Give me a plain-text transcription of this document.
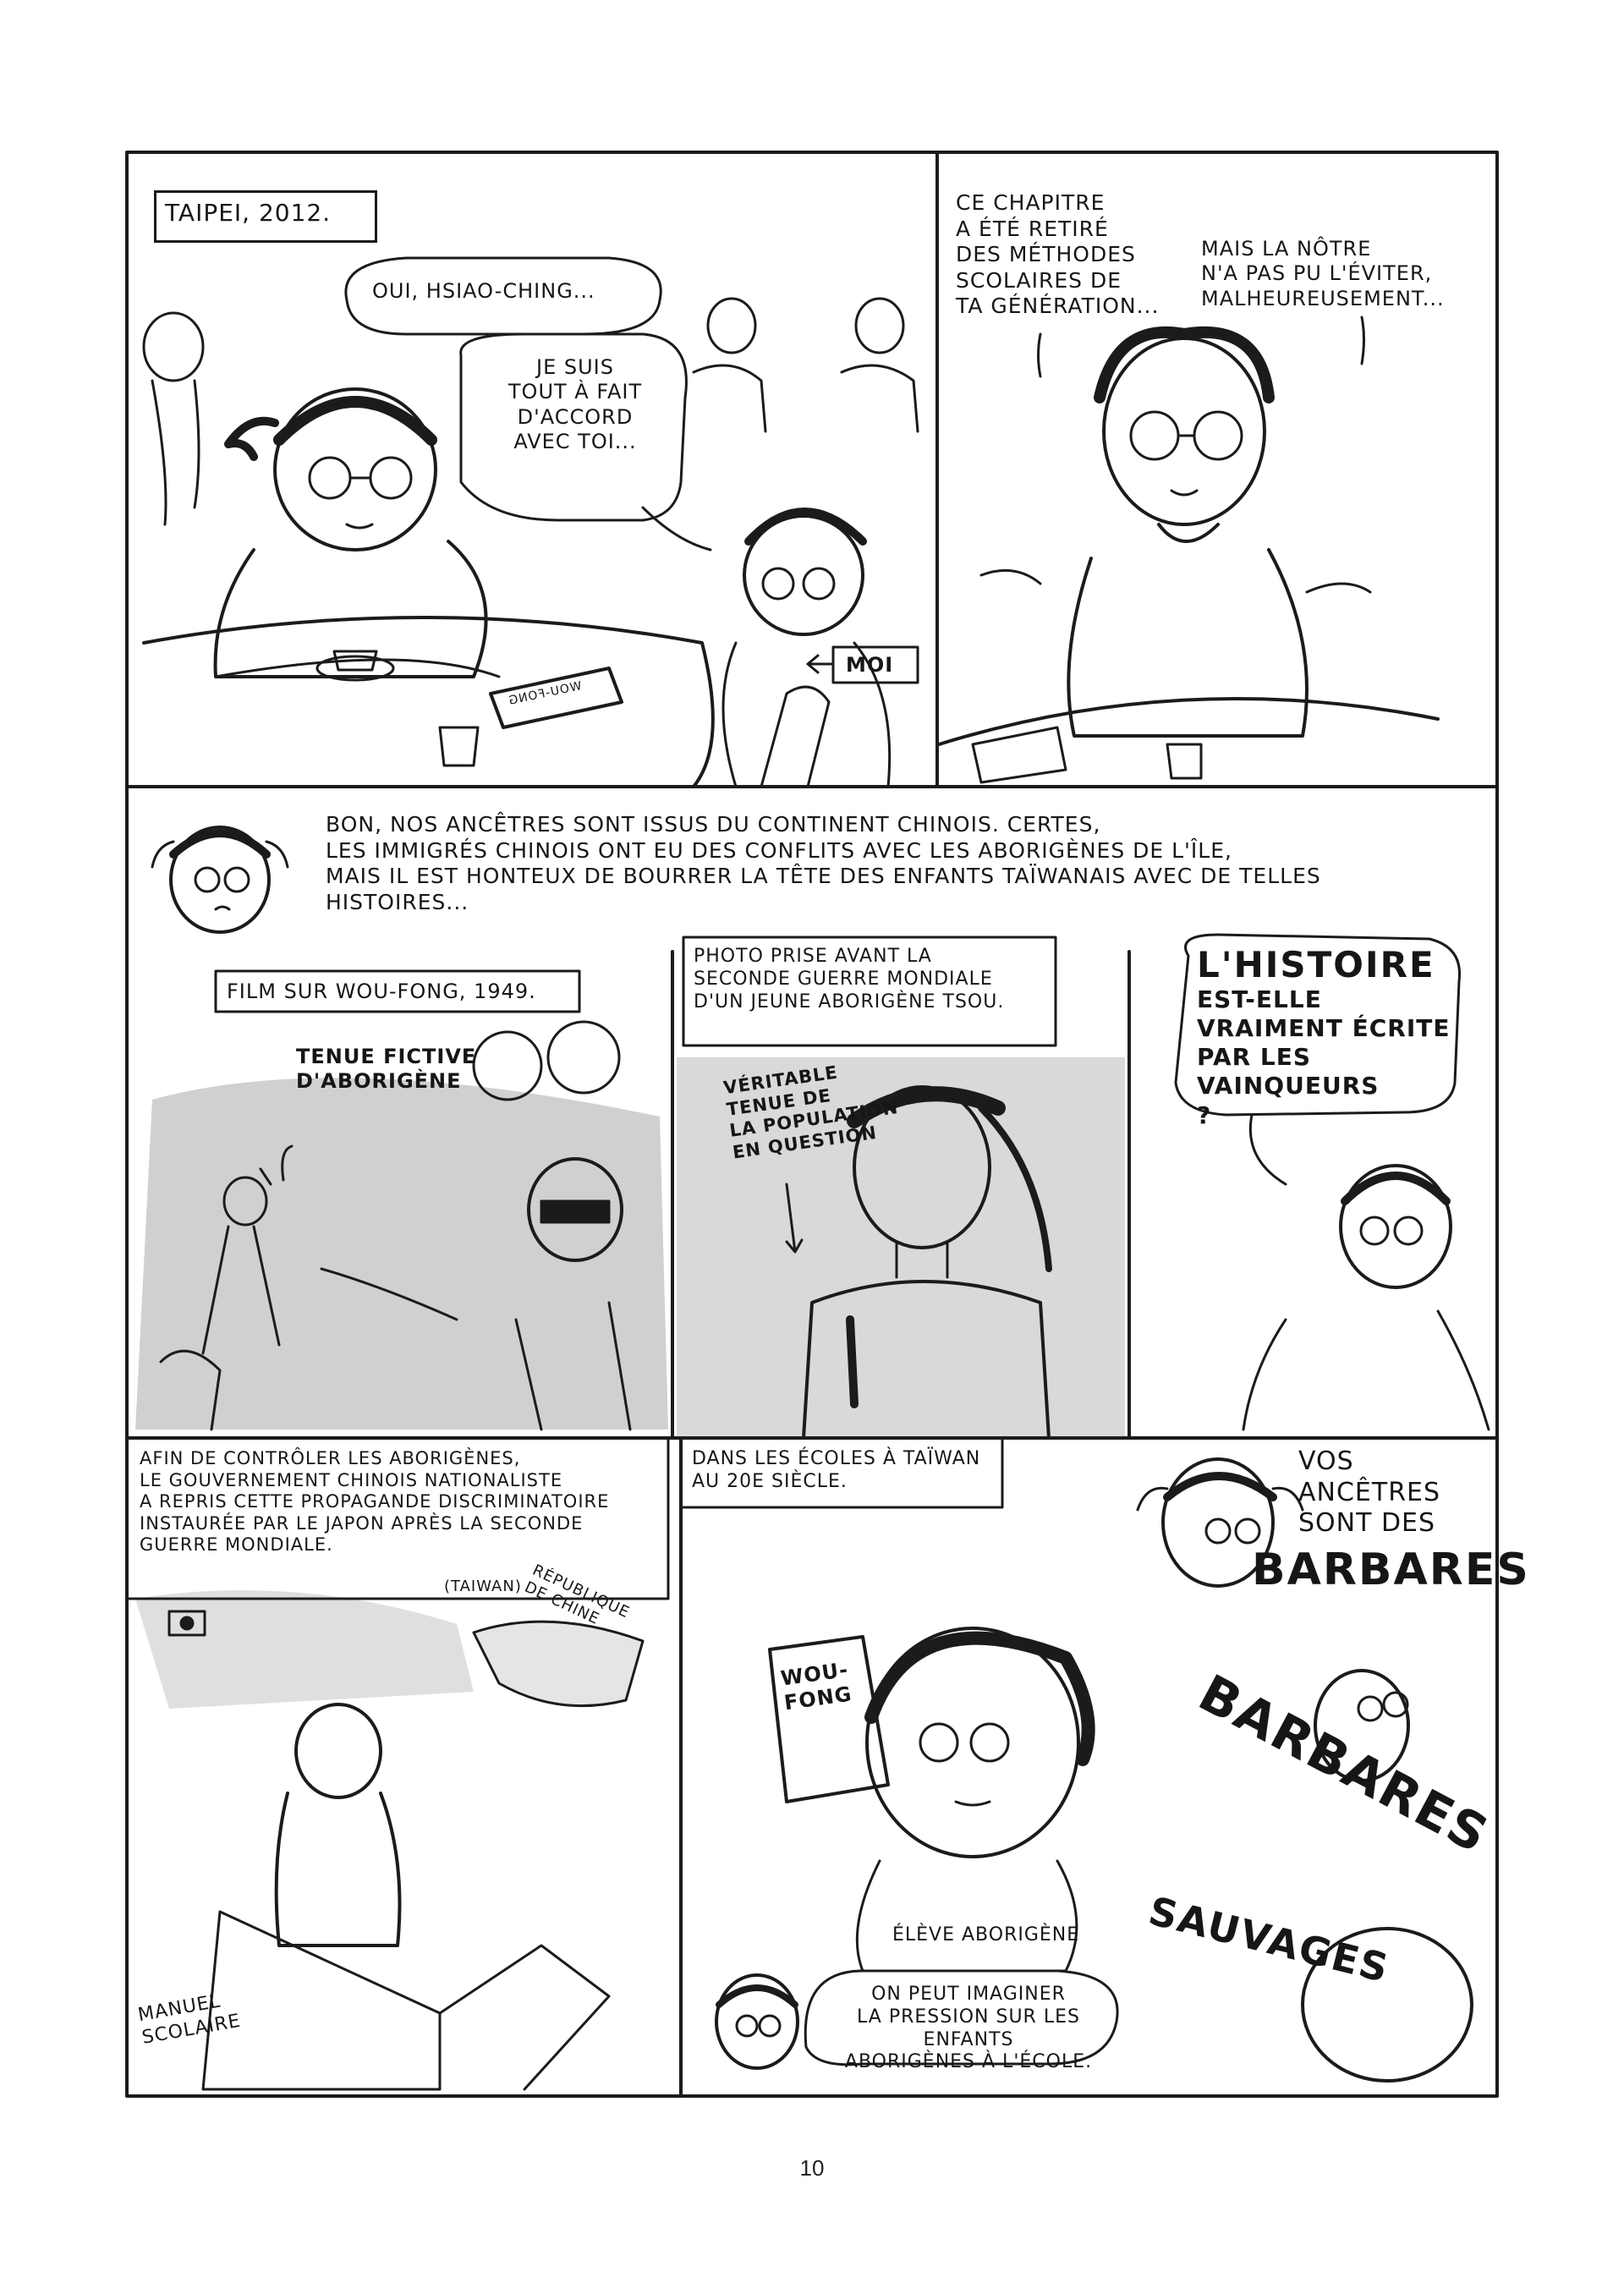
TAIPEI, 2012.
OUI, HSIAO-CHING...
JE SUIS
TOUT À FAIT
D'ACCORD
AVEC TOI...
WOU-FONG
MOI
CE CHAPITRE
A ÉTÉ RETIRÉ
DES MÉTHODES
SCOLAIRES DE
TA GÉNÉRATION...
MAIS LA NÔTRE
N'A PAS PU L'ÉVITER,
MALHEUREUSEMENT...
BON, NOS ANCÊTRES SONT ISSUS DU CONTINENT CHINOIS. CERTES,
LES IMMIGRÉS CHINOIS ONT EU DES CONFLITS AVEC LES ABORIGÈNES DE L'ÎLE,
MAIS IL EST HONTEUX DE BOURRER LA TÊTE DES ENFANTS TAÏWANAIS AVEC DE TELLES
HISTOIRES...
FILM SUR WOU-FONG, 1949.
TENUE FICTIVE
D'ABORIGÈNE
PHOTO PRISE AVANT LA
SECONDE GUERRE MONDIALE
D'UN JEUNE ABORIGÈNE TSOU.
VÉRITABLE
TENUE DE
LA POPULATION
EN QUESTION
L'HISTOIRE
EST-ELLE
VRAIMENT ÉCRITE
PAR LES VAINQUEURS
?
AFIN DE CONTRÔLER LES ABORIGÈNES,
LE GOUVERNEMENT CHINOIS NATIONALISTE
A REPRIS CETTE PROPAGANDE DISCRIMINATOIRE
INSTAURÉE PAR LE JAPON APRÈS LA SECONDE
GUERRE MONDIALE.
(TAIWAN) RÉPUBLIQUE
DE CHINE
MANUEL
SCOLAIRE
DANS LES ÉCOLES À TAÏWAN
AU 20E SIÈCLE.
WOU-
FONG
ÉLÈVE ABORIGÈNE
VOS
ANCÊTRES
SONT DES
BARBARES
BARBARES
SAUVAGES
ON PEUT IMAGINER
LA PRESSION SUR LES ENFANTS
ABORIGÈNES À L'ÉCOLE.
10
